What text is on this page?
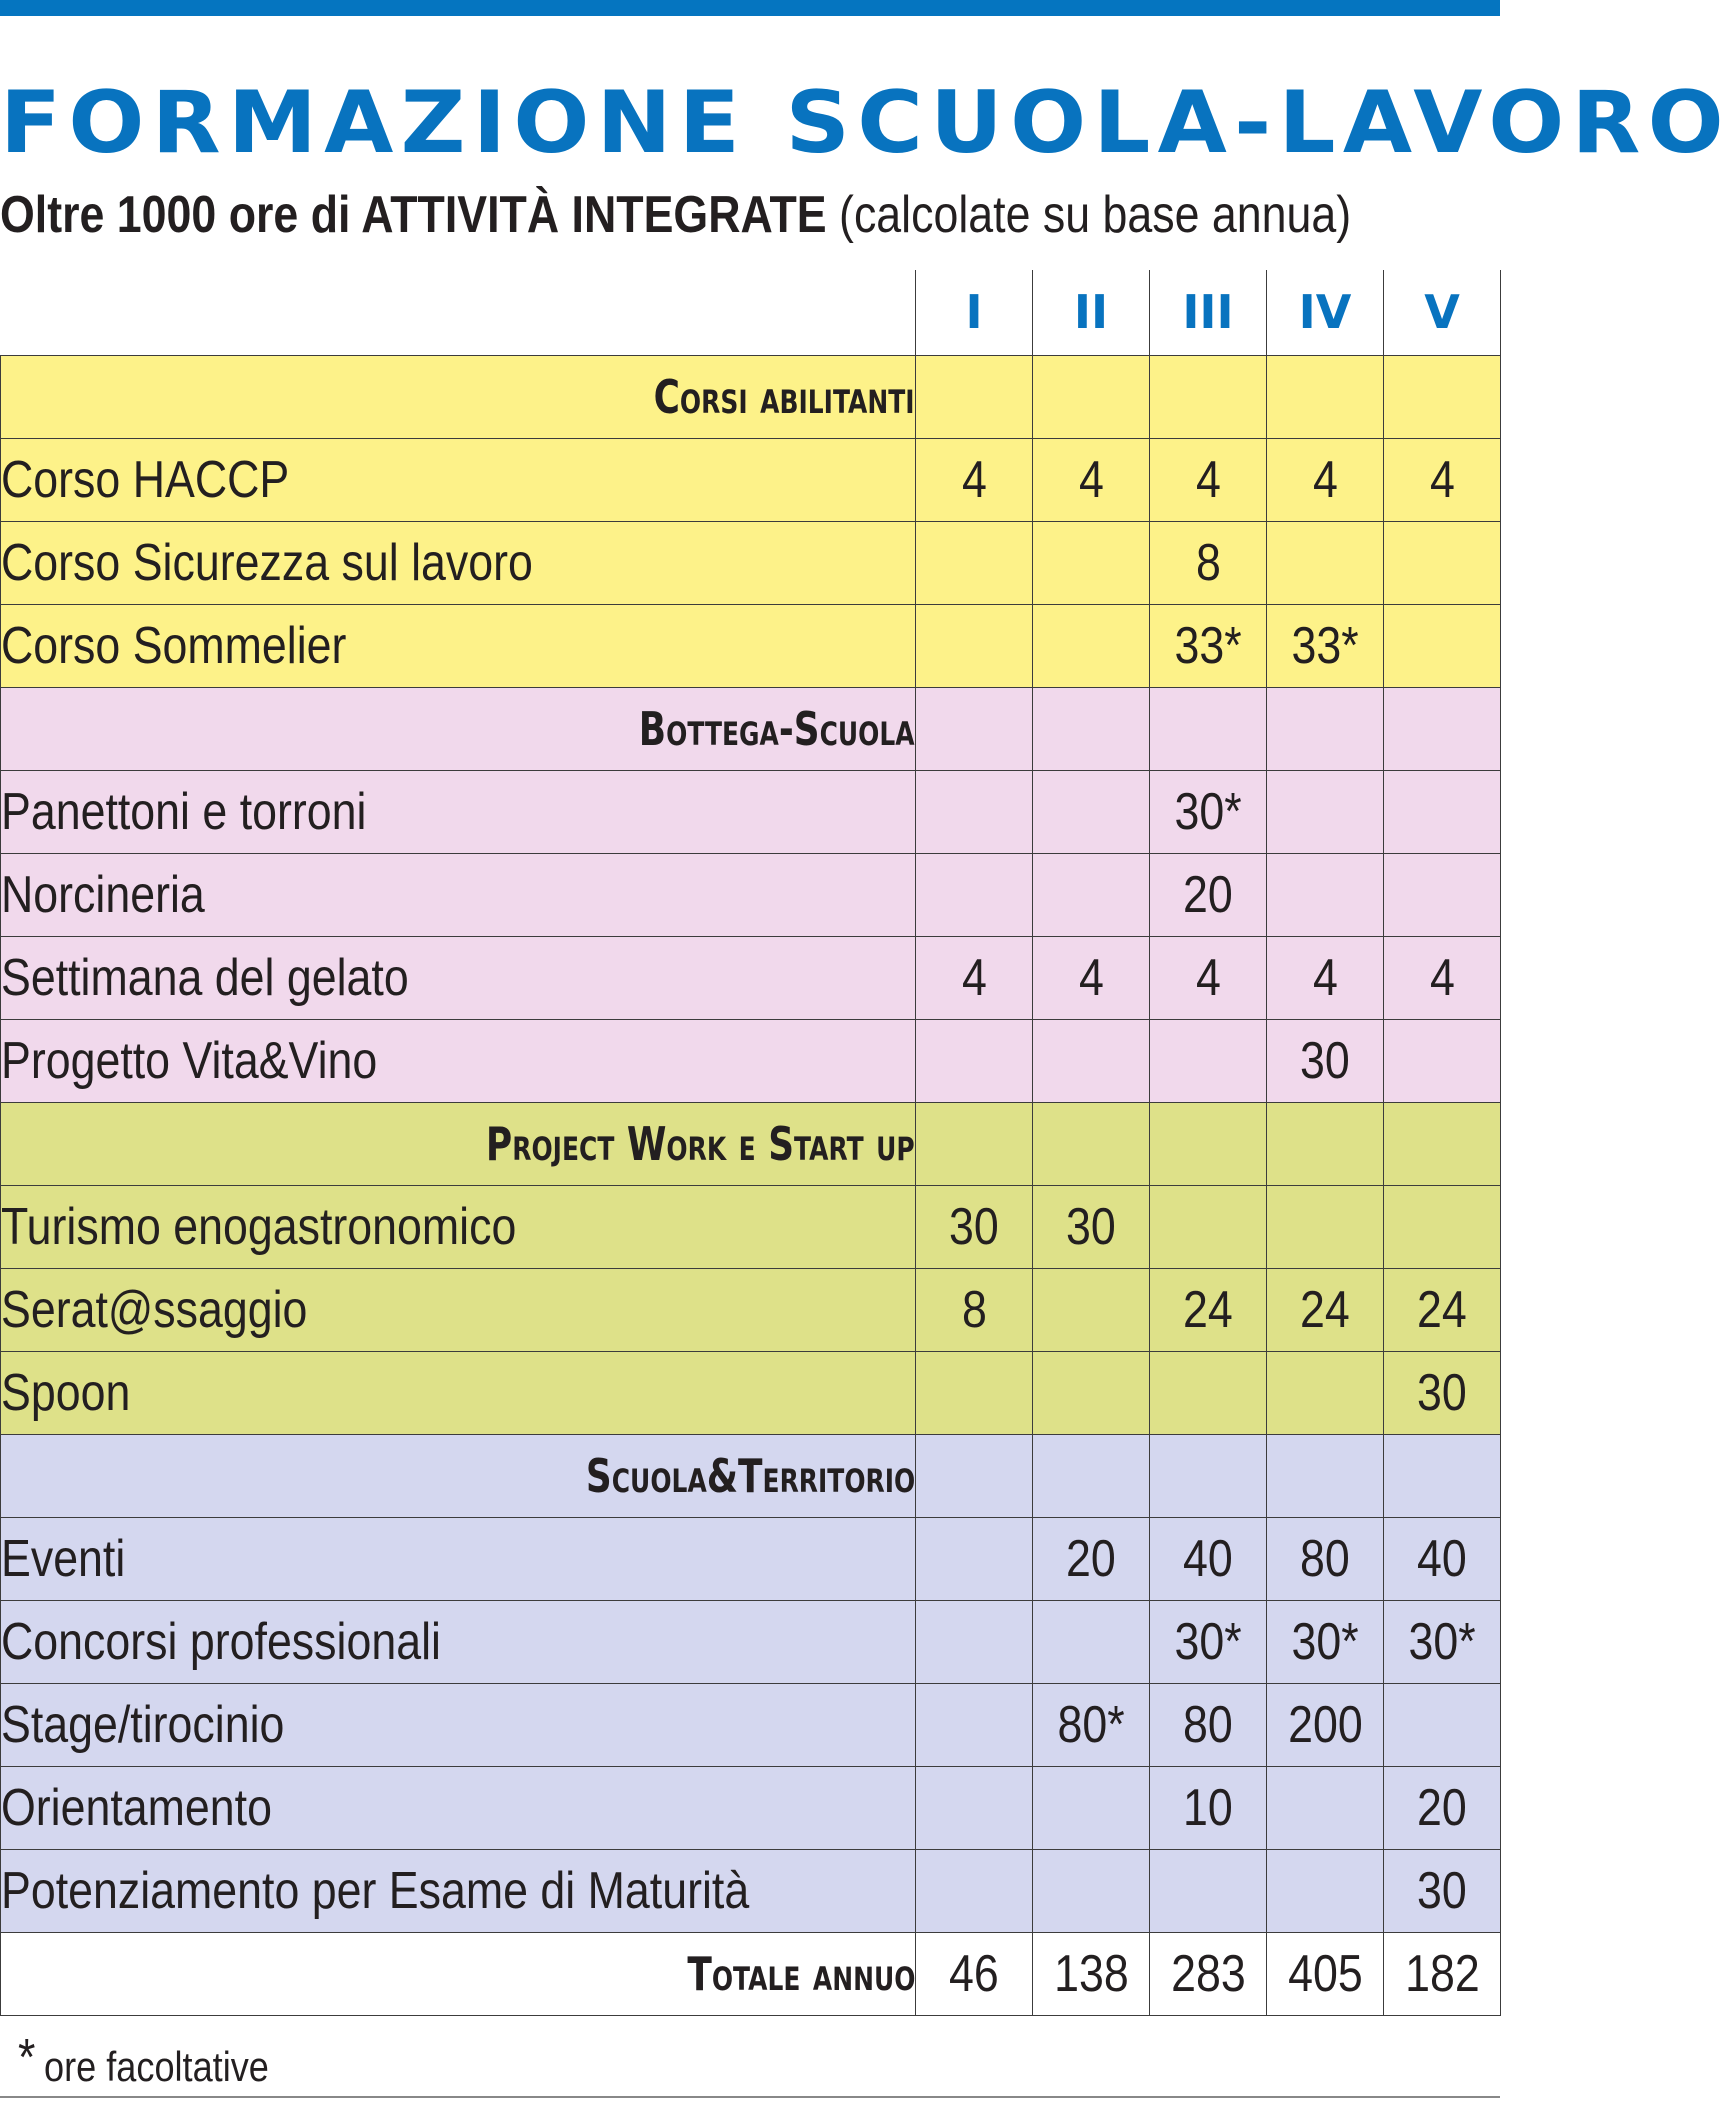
FORMAZIONE SCUOLA-LAVORO
Oltre 1000 ore di ATTIVITÀ INTEGRATE (calcolate su base annua)
	I	II	III	IV	V
Corsi abilitanti					
Corso HACCP	4	4	4	4	4
Corso Sicurezza sul lavoro			8		
Corso Sommelier			33*	33*	
Bottega-Scuola					
Panettoni e torroni			30*		
Norcineria			20		
Settimana del gelato	4	4	4	4	4
Progetto Vita&Vino				30	
Project Work e Start up					
Turismo enogastronomico	30	30			
Serat@ssaggio	8		24	24	24
Spoon					30
Scuola&Territorio					
Eventi		20	40	80	40
Concorsi professionali			30*	30*	30*
Stage/tirocinio		80*	80	200	
Orientamento			10		20
Potenziamento per Esame di Maturità					30
Totale annuo	46	138	283	405	182
* ore facoltative
